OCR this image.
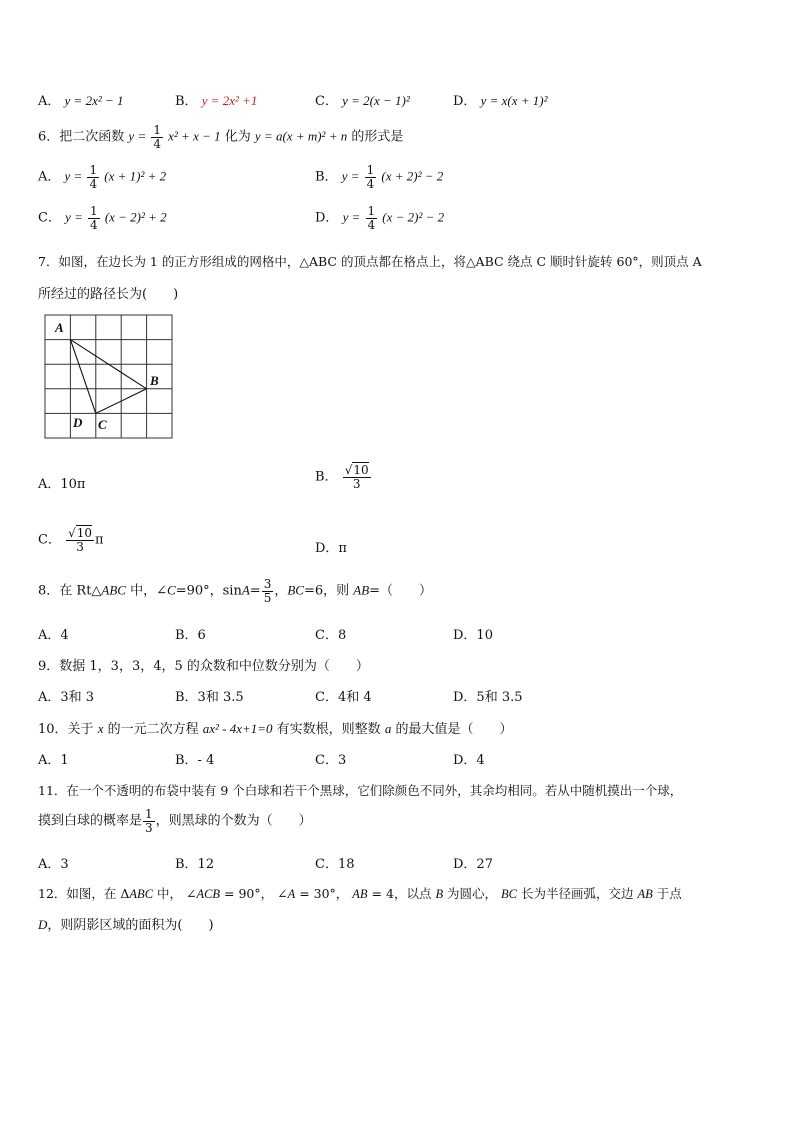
A． y = 2x² − 1	B． y = 2x² +1	C． y = 2(x − 1)²	D． y = x(x + 1)²
6．把二次函数 $y = \frac{1}{4} x^2 + x - 1$ 化为 y = a(x + m)² + n 的形式是
A． $y = \frac{1}{4} (x + 1)^2 + 2$	B． $y = \frac{1}{4} (x + 2)^2 - 2$
C． $y = \frac{1}{4} (x - 2)^2 + 2$	D． $y = \frac{1}{4} (x - 2)^2 - 2$
7．如图，在边长为 1 的正方形组成的网格中，△ABC 的顶点都在格点上，将△ABC 绕点 C 顺时针旋转 60°，则顶点 A
所经过的路径长为(　　)
A
B
C
D
A．10π	B． $\frac{√10}{3}$
C． $\frac{√10}{3}$ π
D．π
8．在 Rt△ABC 中，∠C=90°，$\sin A= \frac{3}{5}$ ，BC=6，则 AB=（　　）
A．4	B．6	C．8	D．10
9．数据 1，3，3，4，5 的众数和中位数分别为（　　）
A．3和 3	B．3和 3.5	C．4和 4	D．5和 3.5
10．关于 x 的一元二次方程 ax² - 4x+1=0 有实数根，则整数 a 的最大值是（　　）
A．1	B．- 4	C．3	D．4
11．在一个不透明的布袋中装有 9 个白球和若干个黑球，它们除颜色不同外，其余均相同。若从中随机摸出一个球，
摸到白球的概率是 $\frac{1}{3}$ ，则黑球的个数为（　　）
A．3	B．12	C．18	D．27
12．如图，在 ΔABC 中， ∠ACB = 90°， ∠A = 30°， AB = 4，以点 B 为圆心， BC 长为半径画弧，交边 AB 于点
D，则阴影区域的面积为(　　)
